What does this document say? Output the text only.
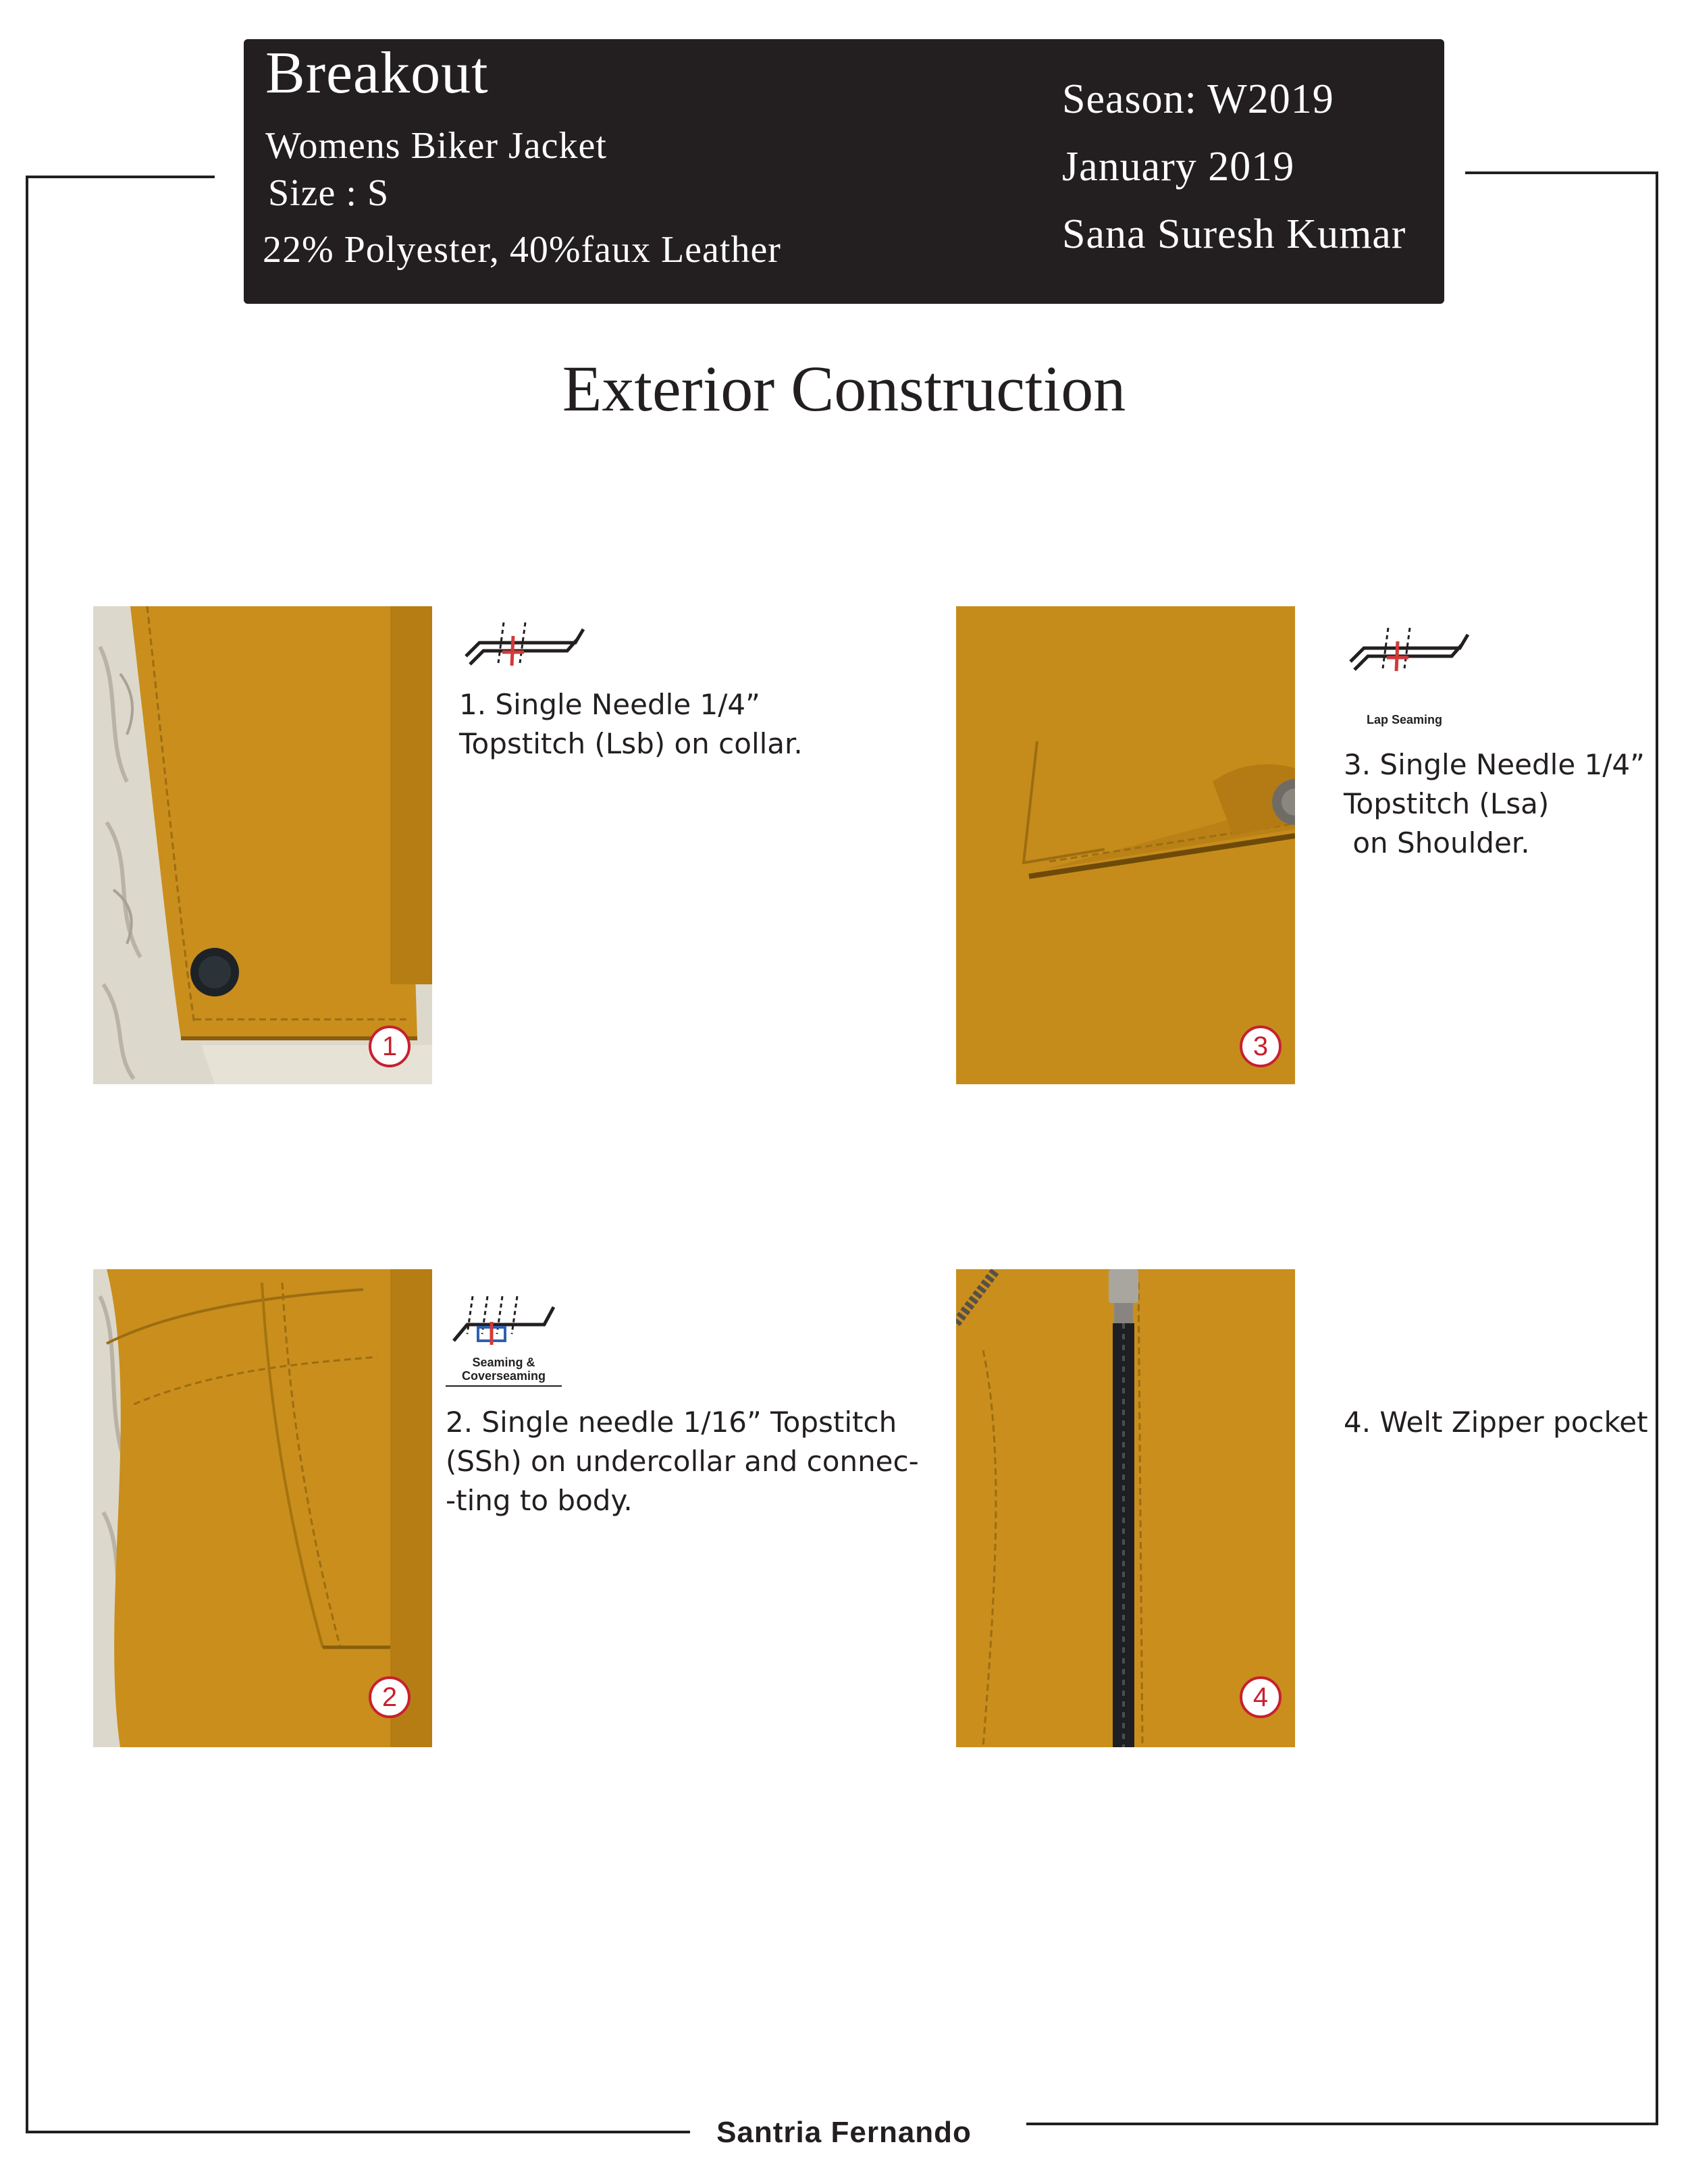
Breakout
Womens Biker Jacket
Size : S
22% Polyester, 40%faux Leather
Season: W2019
January 2019
Sana Suresh Kumar
Exterior Construction
1
1. Single Needle 1/4”
Topstitch (Lsb) on collar.
2
Seaming &
Coverseaming
2. Single needle 1/16” Topstitch
(SSh) on undercollar and connec-
-ting to body.
3
Lap Seaming
3. Single Needle 1/4”
Topstitch (Lsa)
on Shoulder.
4
4. Welt Zipper pocket
Santria Fernando
